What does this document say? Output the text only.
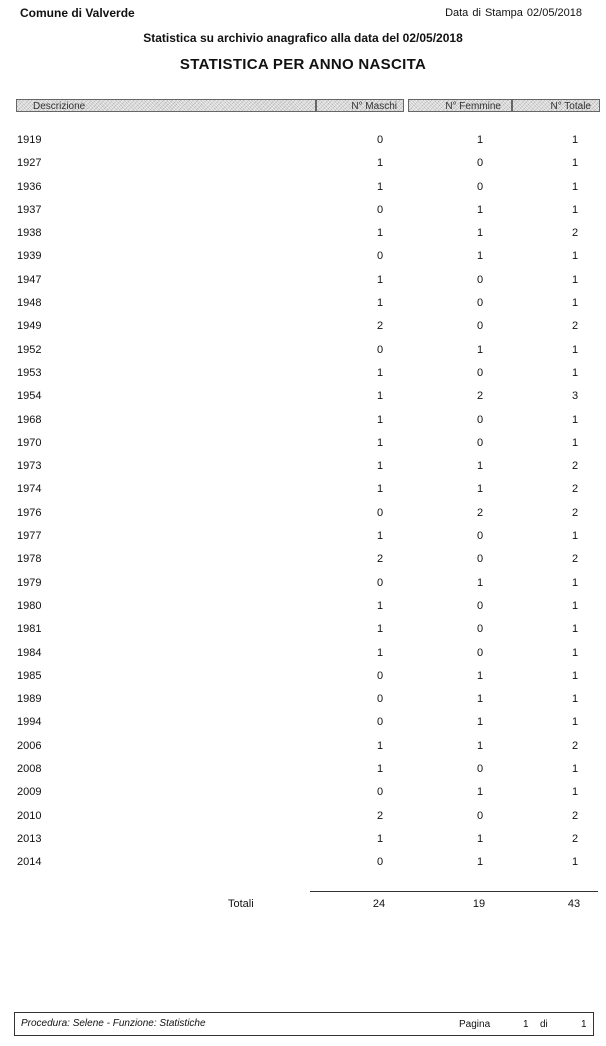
Comune di Valverde	Data di Stampa 02/05/2018
Statistica su archivio anagrafico alla data del 02/05/2018
STATISTICA PER ANNO NASCITA
Descrizione	N° Maschi	N° Femmine	N° Totale
1919	0	1	1
1927	1	0	1
1936	1	0	1
1937	0	1	1
1938	1	1	2
1939	0	1	1
1947	1	0	1
1948	1	0	1
1949	2	0	2
1952	0	1	1
1953	1	0	1
1954	1	2	3
1968	1	0	1
1970	1	0	1
1973	1	1	2
1974	1	1	2
1976	0	2	2
1977	1	0	1
1978	2	0	2
1979	0	1	1
1980	1	0	1
1981	1	0	1
1984	1	0	1
1985	0	1	1
1989	0	1	1
1994	0	1	1
2006	1	1	2
2008	1	0	1
2009	0	1	1
2010	2	0	2
2013	1	1	2
2014	0	1	1
Totali	24	19	43
Procedura: Selene - Funzione: Statistiche	Pagina	1 di	1
